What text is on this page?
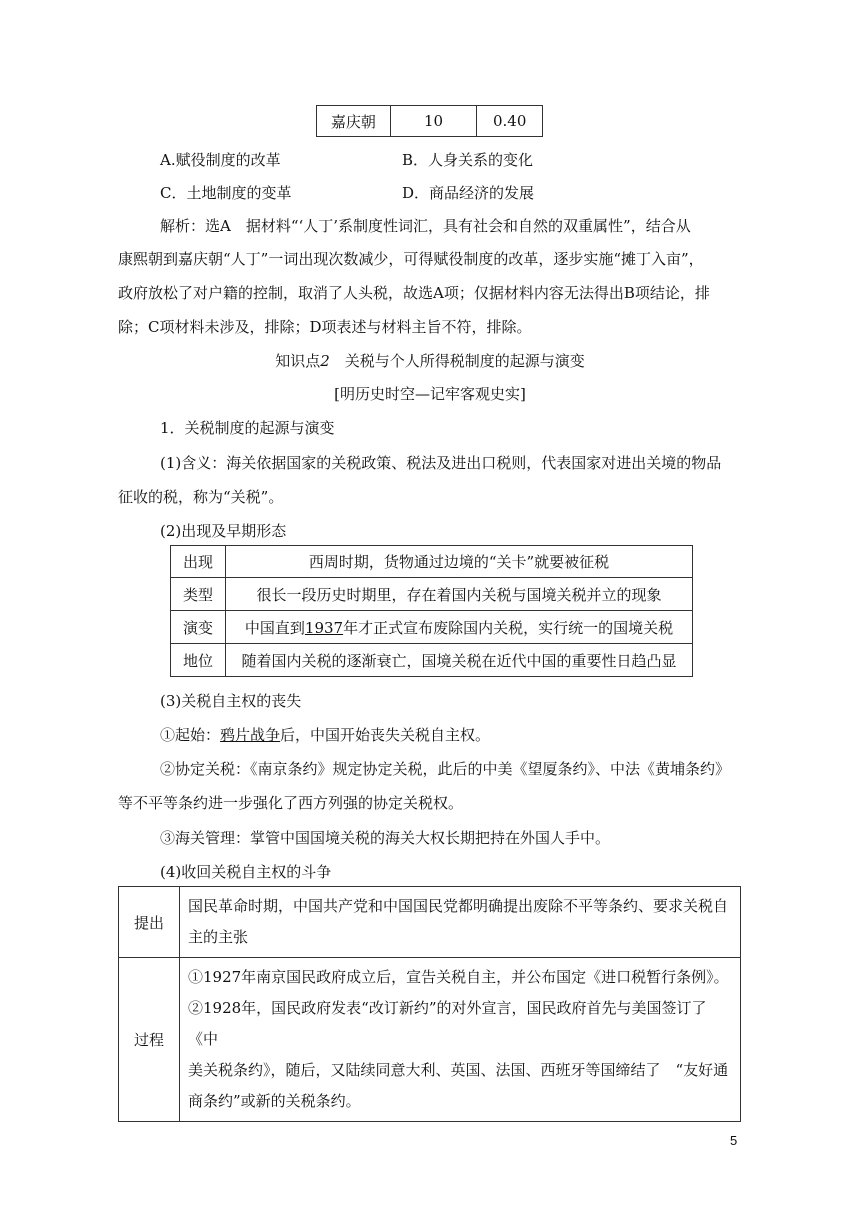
嘉庆朝	10	0.40
A.赋役制度的改革	B．人身关系的变化
C．土地制度的变革	D．商品经济的发展
解析：选A　据材料“‘人丁’系制度性词汇，具有社会和自然的双重属性”，结合从
康熙朝到嘉庆朝“人丁”一词出现次数减少，可得赋役制度的改革，逐步实施“摊丁入亩”，
政府放松了对户籍的控制，取消了人头税，故选A项；仅据材料内容无法得出B项结论，排
除；C项材料未涉及，排除；D项表述与材料主旨不符，排除。
知识点2　关税与个人所得税制度的起源与演变
[明历史时空—记牢客观史实]
1．关税制度的起源与演变
(1)含义：海关依据国家的关税政策、税法及进出口税则，代表国家对进出关境的物品
征收的税，称为“关税”。
(2)出现及早期形态
出现	西周时期，货物通过边境的“关卡”就要被征税
类型	很长一段历史时期里，存在着国内关税与国境关税并立的现象
演变	中国直到1937年才正式宣布废除国内关税，实行统一的国境关税
地位	随着国内关税的逐渐衰亡，国境关税在近代中国的重要性日趋凸显
(3)关税自主权的丧失
①起始：鸦片战争后，中国开始丧失关税自主权。
②协定关税：《南京条约》规定协定关税，此后的中美《望厦条约》、中法《黄埔条约》
等不平等条约进一步强化了西方列强的协定关税权。
③海关管理：掌管中国国境关税的海关大权长期把持在外国人手中。
(4)收回关税自主权的斗争
提出	国民革命时期，中国共产党和中国国民党都明确提出废除不平等条约、要求关税自
主的主张

过程	①1927年南京国民政府成立后，宣告关税自主，并公布国定《进口税暂行条例》。
②1928年，国民政府发表“改订新约”的对外宣言，国民政府首先与美国签订了《中
美关税条约》，随后，又陆续同意大利、英国、法国、西班牙等国缔结了　“友好通
商条约”或新的关税条约。
5
